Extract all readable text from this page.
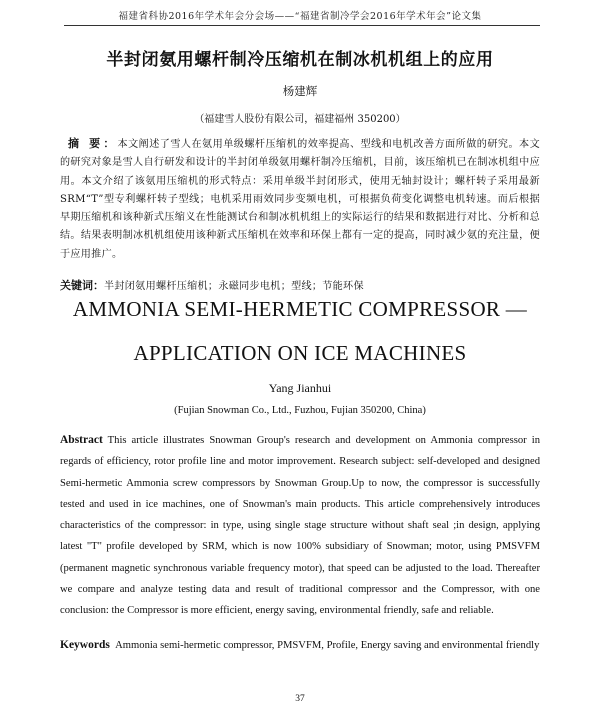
福建省科协2016年学术年会分会场——“福建省制冷学会2016年学术年会”论文集
半封闭氨用螺杆制冷压缩机在制冰机机组上的应用
杨建辉
（福建雪人股份有限公司，福建福州 350200）
摘 要：本文阐述了雪人在氨用单级螺杆压缩机的效率提高、型线和电机改善方面所做的研究。本文的研究对象是雪人自行研发和设计的半封闭单级氨用螺杆制冷压缩机，目前，该压缩机已在制冰机组中应用。本文介绍了该氨用压缩机的形式特点：采用单级半封闭形式，使用无轴封设计；螺杆转子采用最新SRM“T”型专利螺杆转子型线；电机采用雨效同步变频电机，可根据负荷变化调整电机转速。而后根据早期压缩机和该种新式压缩义在性能测试台和制冰机机组上的实际运行的结果和数据进行对比、分析和总结。结果表明制冰机机组使用该种新式压缩机在效率和环保上都有一定的提高，同时减少氨的充注量，便于应用推广。
关键词：半封闭氨用螺杆压缩机；永磁同步电机；型线；节能环保
AMMONIA SEMI-HERMETIC COMPRESSOR —
APPLICATION ON ICE MACHINES
Yang Jianhui
(Fujian Snowman Co., Ltd., Fuzhou, Fujian 350200, China)
Abstract This article illustrates Snowman Group's research and development on Ammonia compressor in regards of efficiency, rotor profile line and motor improvement. Research subject: self-developed and designed Semi-hermetic Ammonia screw compressors by Snowman Group.Up to now, the compressor is successfully tested and used in ice machines, one of Snowman's main products. This article comprehensively introduces characteristics of the compressor: in type, using single stage structure without shaft seal ;in design, applying latest "T" profile developed by SRM, which is now 100% subsidiary of Snowman; motor, using PMSVFM (permanent magnetic synchronous variable frequency motor), that speed can be adjusted to the load. Thereafter we compare and analyze testing data and result of traditional compressor and the Compressor, with one conclusion: the Compressor is more efficient, energy saving, environmental friendly, safe and reliable.
Keywords Ammonia semi-hermetic compressor, PMSVFM, Profile, Energy saving and environmental friendly
37
